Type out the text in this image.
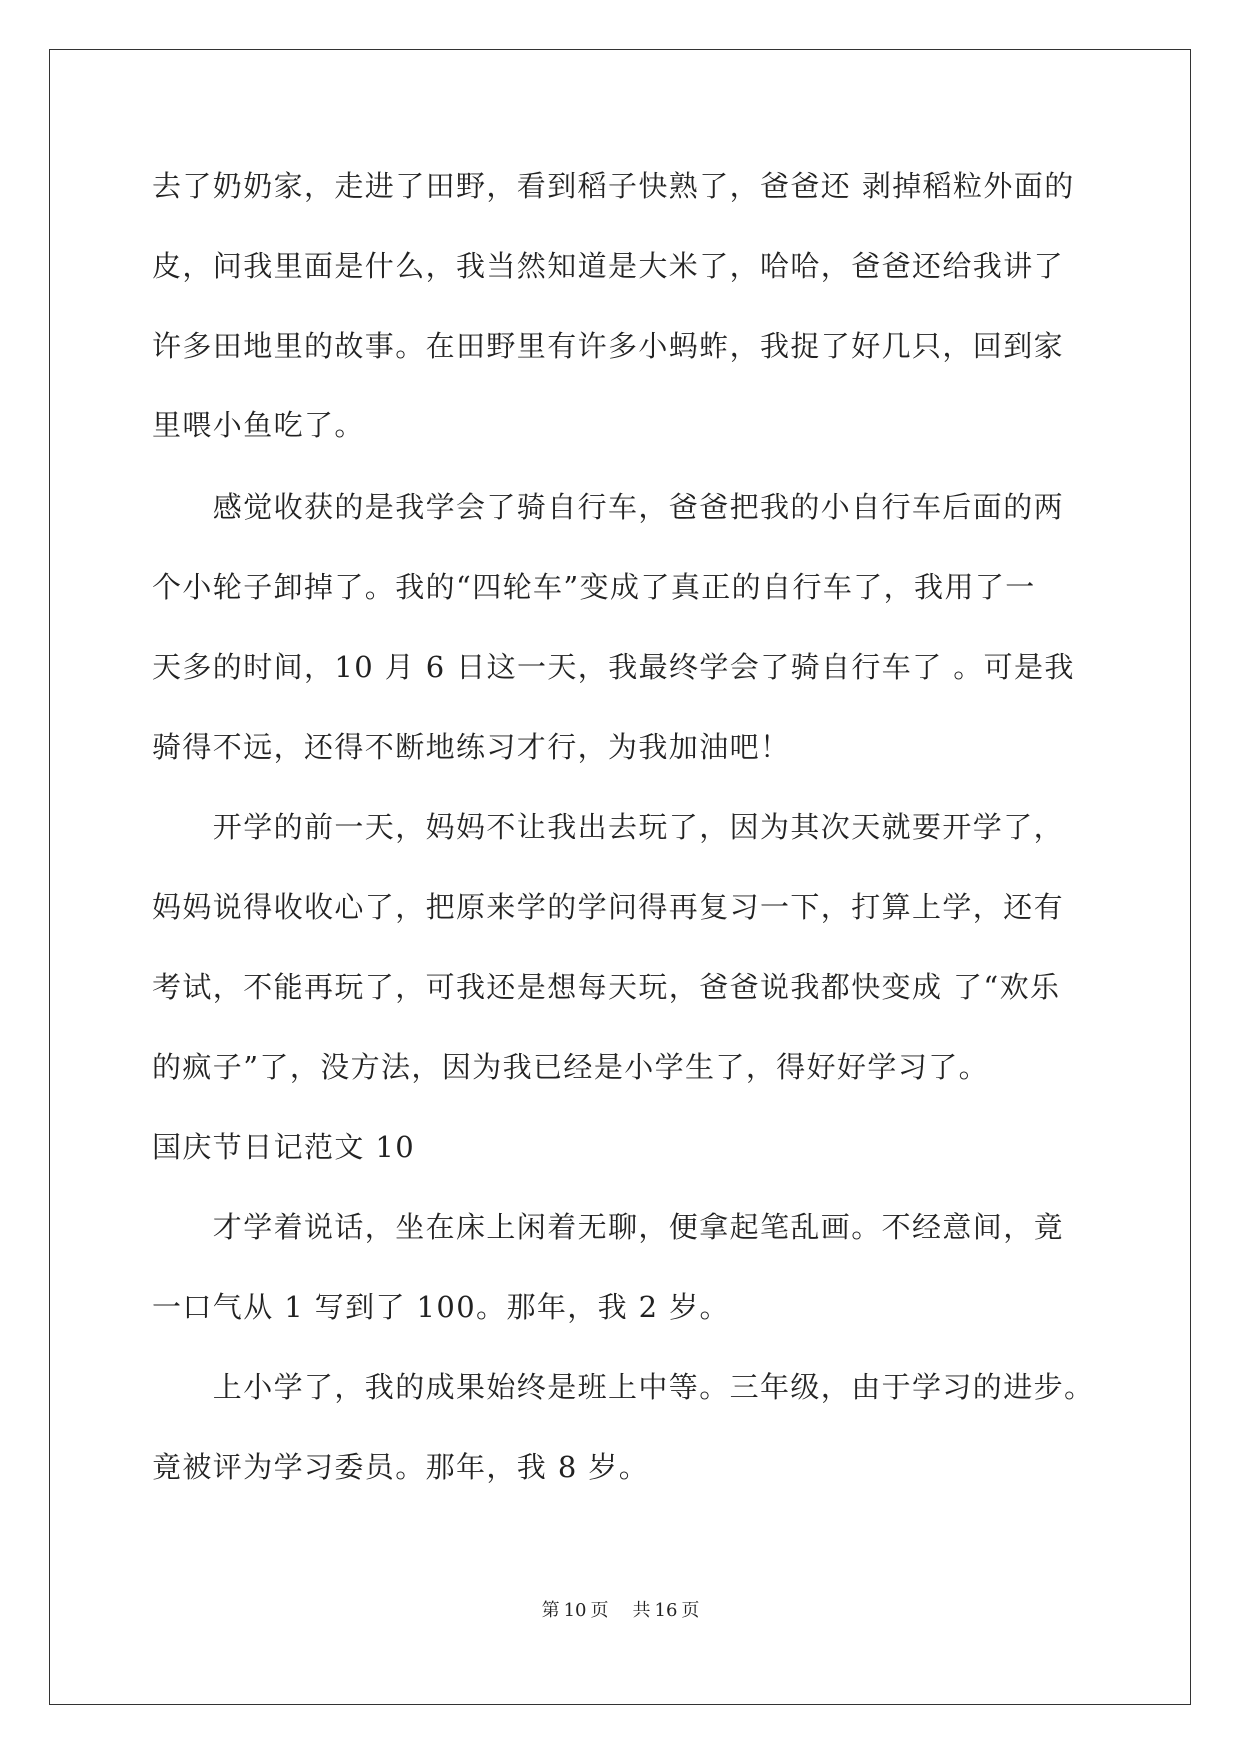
去了奶奶家，走进了田野，看到稻子快熟了，爸爸还 剥掉稻粒外面的
皮，问我里面是什么，我当然知道是大米了，哈哈，爸爸还给我讲了
许多田地里的故事。在田野里有许多小蚂蚱，我捉了好几只，回到家
里喂小鱼吃了。
　　感觉收获的是我学会了骑自行车，爸爸把我的小自行车后面的两
个小轮子卸掉了。我的“四轮车”变成了真正的自行车了，我用了一
天多的时间，10 月 6 日这一天，我最终学会了骑自行车了 。可是我
骑得不远，还得不断地练习才行，为我加油吧！
　　开学的前一天，妈妈不让我出去玩了，因为其次天就要开学了，
妈妈说得收收心了，把原来学的学问得再复习一下，打算上学，还有
考试，不能再玩了，可我还是想每天玩，爸爸说我都快变成 了“欢乐
的疯子”了，没方法，因为我已经是小学生了，得好好学习了。
国庆节日记范文 10
　　才学着说话，坐在床上闲着无聊，便拿起笔乱画。不经意间，竟
一口气从 1 写到了 100。那年，我 2 岁。
　　上小学了，我的成果始终是班上中等。三年级，由于学习的进步。
竟被评为学习委员。那年，我 8 岁。
第 10 页 共 16 页
